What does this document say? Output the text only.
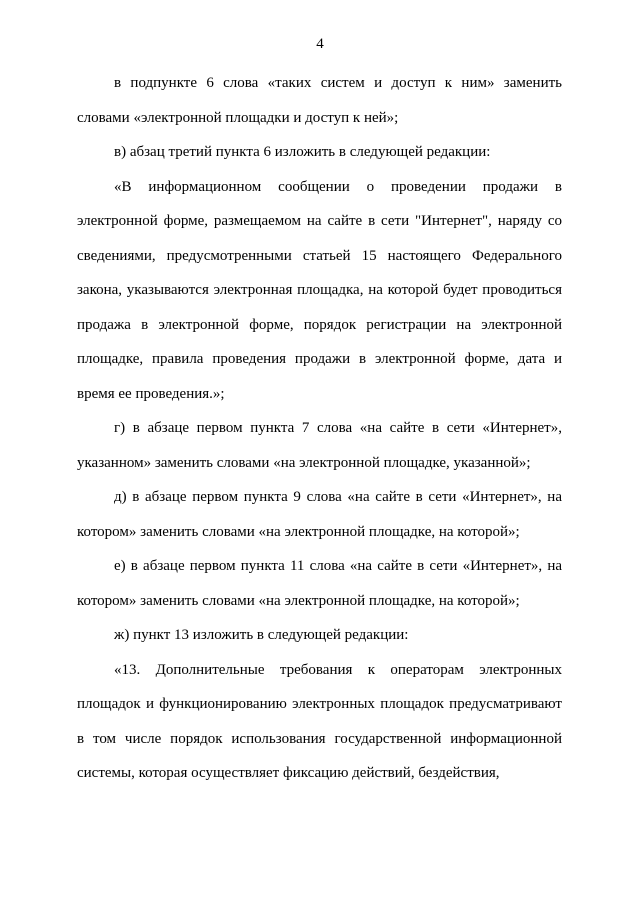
4

в подпункте 6 слова «таких систем и доступ к ним» заменить словами «электронной площадки и доступ к ней»;

в) абзац третий пункта 6 изложить в следующей редакции:

«В информационном сообщении о проведении продажи в электронной форме, размещаемом на сайте в сети "Интернет", наряду со сведениями, предусмотренными статьей 15 настоящего Федерального закона, указываются электронная площадка, на которой будет проводиться продажа в электронной форме, порядок регистрации на электронной площадке, правила проведения продажи в электронной форме, дата и время ее проведения.»;

г) в абзаце первом пункта 7 слова «на сайте в сети «Интернет», указанном» заменить словами «на электронной площадке, указанной»;

д) в абзаце первом пункта 9 слова «на сайте в сети «Интернет», на котором» заменить словами «на электронной площадке, на которой»;

е) в абзаце первом пункта 11 слова «на сайте в сети «Интернет», на котором» заменить словами «на электронной площадке, на которой»;

ж) пункт 13 изложить в следующей редакции:

«13. Дополнительные требования к операторам электронных площадок и функционированию электронных площадок предусматривают в том числе порядок использования государственной информационной системы, которая осуществляет фиксацию действий, бездействия,
